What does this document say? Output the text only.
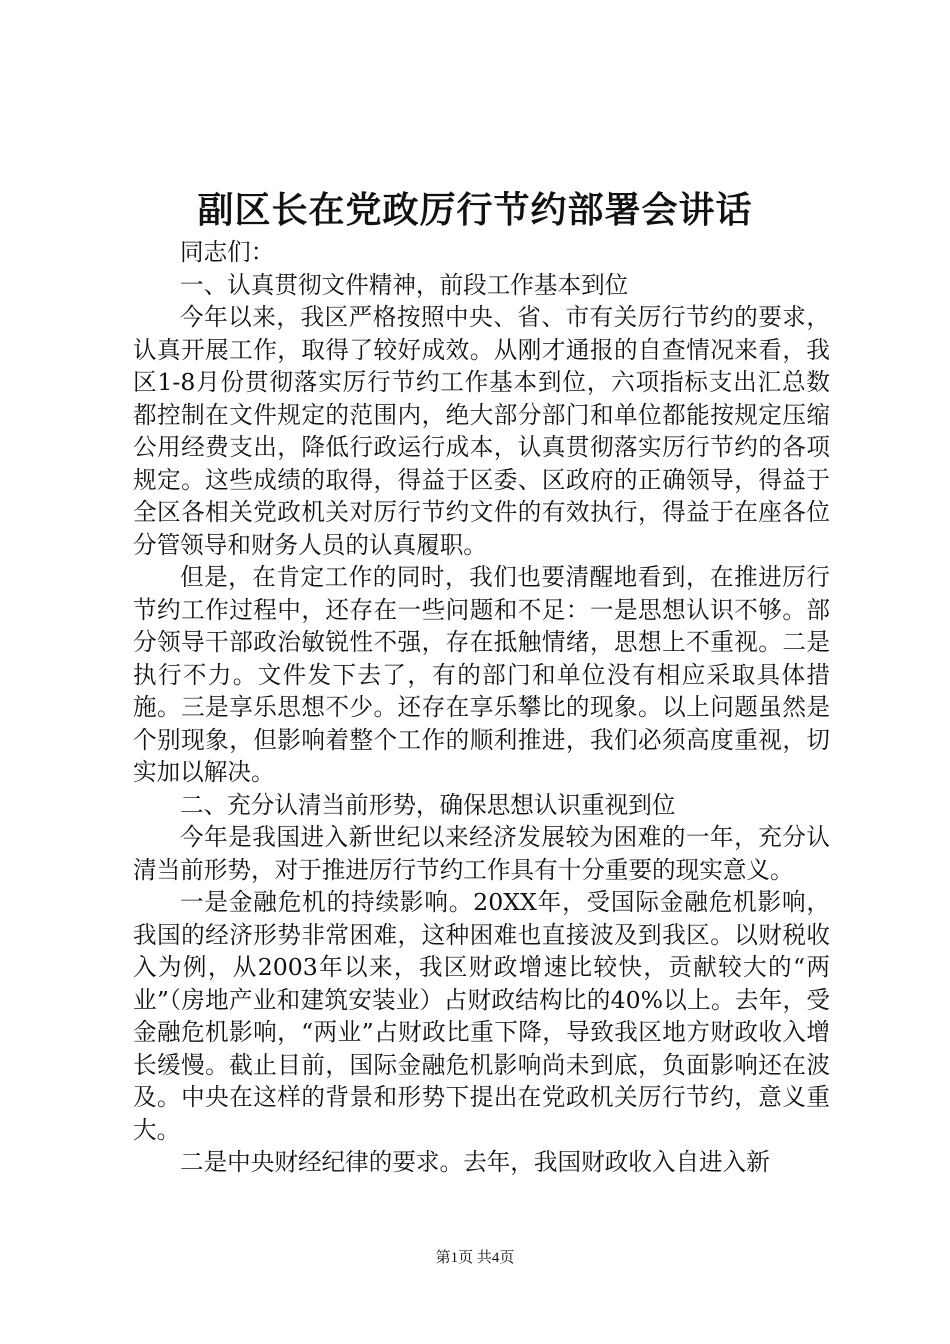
副区长在党政厉行节约部署会讲话

同志们：

一、认真贯彻文件精神，前段工作基本到位

今年以来，我区严格按照中央、省、市有关厉行节约的要求，认真开展工作，取得了较好成效。从刚才通报的自查情况来看，我区1-8月份贯彻落实厉行节约工作基本到位，六项指标支出汇总数都控制在文件规定的范围内，绝大部分部门和单位都能按规定压缩公用经费支出，降低行政运行成本，认真贯彻落实厉行节约的各项规定。这些成绩的取得，得益于区委、区政府的正确领导，得益于全区各相关党政机关对厉行节约文件的有效执行，得益于在座各位分管领导和财务人员的认真履职。

但是，在肯定工作的同时，我们也要清醒地看到，在推进厉行节约工作过程中，还存在一些问题和不足：一是思想认识不够。部分领导干部政治敏锐性不强，存在抵触情绪，思想上不重视。二是执行不力。文件发下去了，有的部门和单位没有相应采取具体措施。三是享乐思想不少。还存在享乐攀比的现象。以上问题虽然是个别现象，但影响着整个工作的顺利推进，我们必须高度重视，切实加以解决。

二、充分认清当前形势，确保思想认识重视到位

今年是我国进入新世纪以来经济发展较为困难的一年，充分认清当前形势，对于推进厉行节约工作具有十分重要的现实意义。

一是金融危机的持续影响。20XX年，受国际金融危机影响，我国的经济形势非常困难，这种困难也直接波及到我区。以财税收入为例，从2003年以来，我区财政增速比较快，贡献较大的“两业”（房地产业和建筑安装业）占财政结构比的40%以上。去年，受金融危机影响，“两业”占财政比重下降，导致我区地方财政收入增长缓慢。截止目前，国际金融危机影响尚未到底，负面影响还在波及。中央在这样的背景和形势下提出在党政机关厉行节约，意义重大。

二是中央财经纪律的要求。去年，我国财政收入自进入新

第1页 共4页
